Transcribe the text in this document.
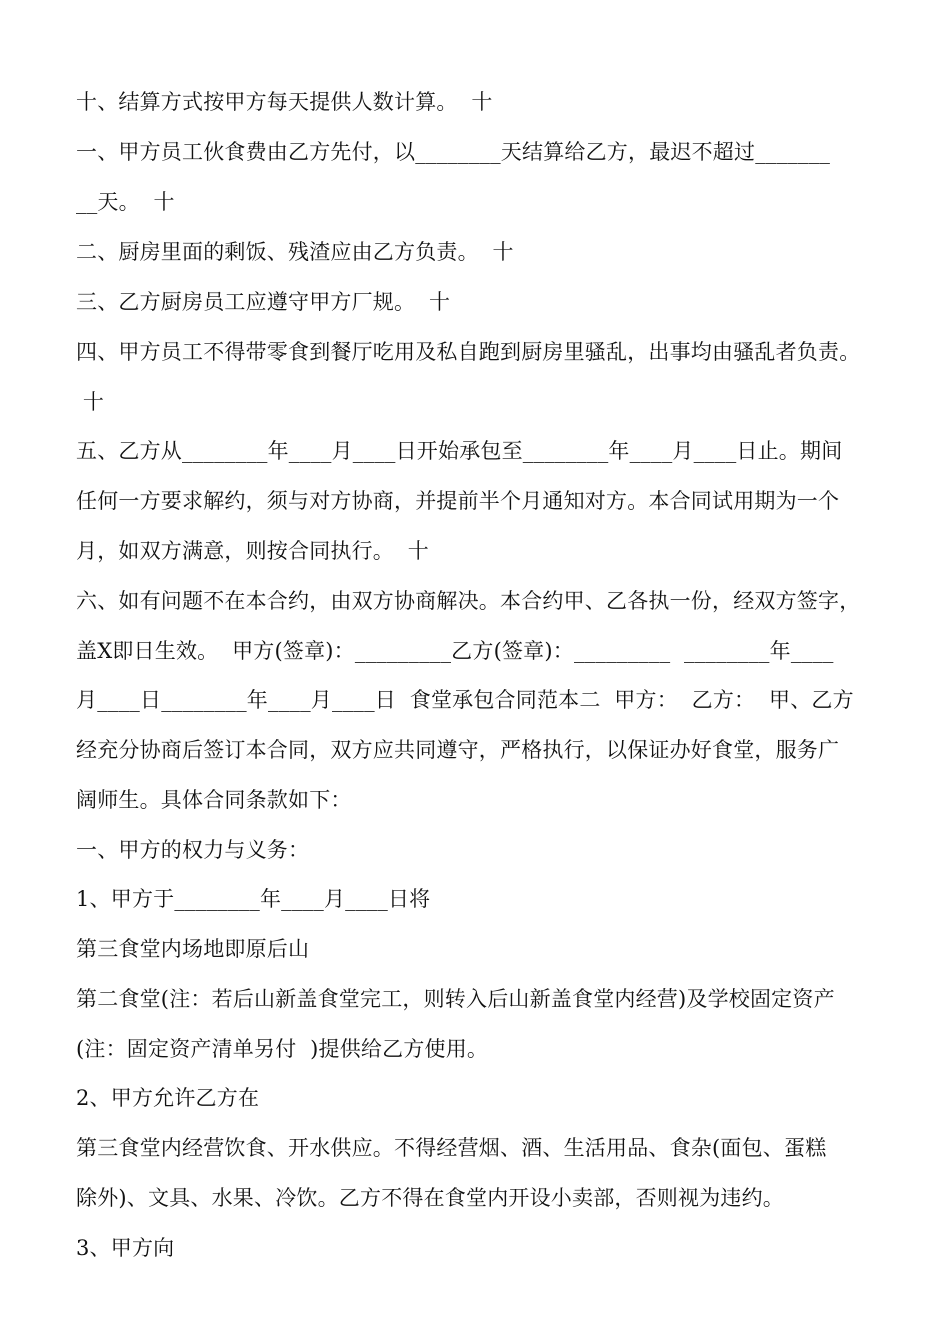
十、结算方式按甲方每天提供人数计算。  十
一、甲方员工伙食费由乙方先付，以________天结算给乙方，最迟不超过_______
__天。  十
二、厨房里面的剩饭、残渣应由乙方负责。  十
三、乙方厨房员工应遵守甲方厂规。  十
四、甲方员工不得带零食到餐厅吃用及私自跑到厨房里骚乱，出事均由骚乱者负责。
十
五、乙方从________年____月____日开始承包至________年____月____日止。期间
任何一方要求解约，须与对方协商，并提前半个月通知对方。本合同试用期为一个
月，如双方满意，则按合同执行。  十
六、如有问题不在本合约，由双方协商解决。本合约甲、乙各执一份，经双方签字，
盖X即日生效。  甲方(签章)：_________乙方(签章)：_________  ________年____
月____日________年____月____日  食堂承包合同范本二  甲方：  乙方：  甲、乙方
经充分协商后签订本合同，双方应共同遵守，严格执行，以保证办好食堂，服务广
阔师生。具体合同条款如下：
一、甲方的权力与义务：
1、甲方于________年____月____日将
第三食堂内场地即原后山
第二食堂(注：若后山新盖食堂完工，则转入后山新盖食堂内经营)及学校固定资产
(注：固定资产清单另付  )提供给乙方使用。
2、甲方允许乙方在
第三食堂内经营饮食、开水供应。不得经营烟、酒、生活用品、食杂(面包、蛋糕
除外)、文具、水果、冷饮。乙方不得在食堂内开设小卖部，否则视为违约。
3、甲方向
